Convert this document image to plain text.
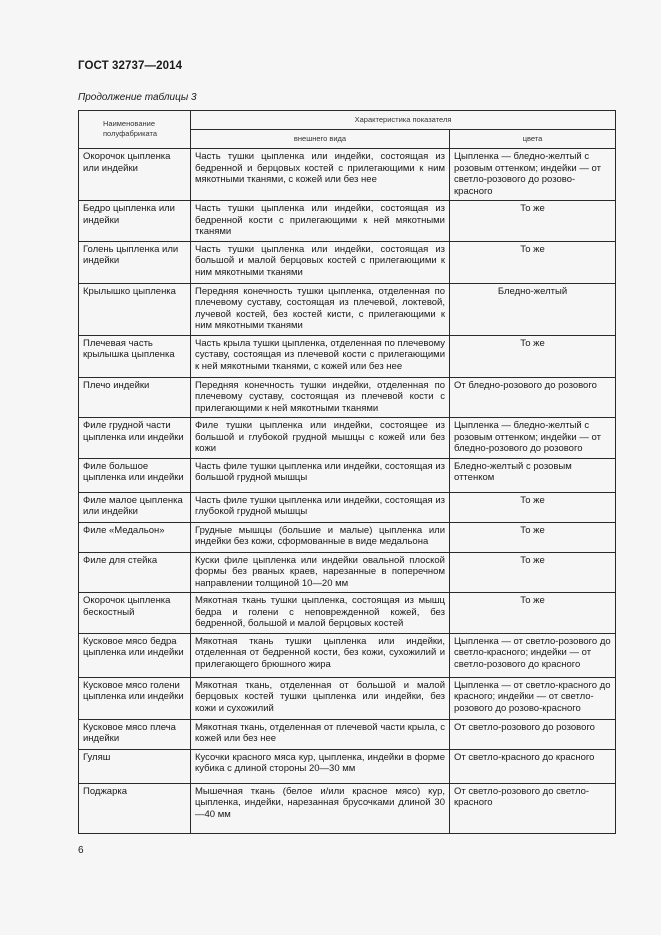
ГОСТ 32737—2014
Продолжение таблицы 3
Наименование полуфабриката	Характеристика показателя	
	внешнего вида	цвета
Окорочок цыпленка или индейки	Часть тушки цыпленка или индейки, состоящая из бедренной и берцовых костей с прилегающими к ним мякотными тканями, с кожей или без нее	Цыпленка — бледно-желтый с розовым оттенком; индейки — от светло-розового до розово-красного
Бедро цыпленка или индейки	Часть тушки цыпленка или индейки, состоящая из бедренной кости с прилегающими к ней мякотными тканями	То же
Голень цыпленка или индейки	Часть тушки цыпленка или индейки, состоящая из большой и малой берцовых костей с прилегающими к ним мякотными тканями	То же
Крылышко цыпленка	Передняя конечность тушки цыпленка, отделенная по плечевому суставу, состоящая из плечевой, локтевой, лучевой костей, без костей кисти, с прилегающими к ним мякотными тканями	Бледно-желтый
Плечевая часть крылышка цыпленка	Часть крыла тушки цыпленка, отделенная по плечевому суставу, состоящая из плечевой кости с прилегающими к ней мякотными тканями, с кожей или без нее	То же
Плечо индейки	Передняя конечность тушки индейки, отделенная по плечевому суставу, состоящая из плечевой кости с прилегающими к ней мякотными тканями	От бледно-розового до розового
Филе грудной части цыпленка или индейки	Филе тушки цыпленка или индейки, состоящее из большой и глубокой грудной мышцы с кожей или без кожи	Цыпленка — бледно-желтый с розовым оттенком; индейки — от бледно-розового до розового
Филе большое цыпленка или индейки	Часть филе тушки цыпленка или индейки, состоящая из большой грудной мышцы	Бледно-желтый с розовым оттенком
Филе малое цыпленка или индейки	Часть филе тушки цыпленка или индейки, состоящая из глубокой грудной мышцы	То же
Филе «Медальон»	Грудные мышцы (большие и малые) цыпленка или индейки без кожи, сформованные в виде медальона	То же
Филе для стейка	Куски филе цыпленка или индейки овальной плоской формы без рваных краев, нарезанные в поперечном направлении толщиной 10—20 мм	То же
Окорочок цыпленка бескостный	Мякотная ткань тушки цыпленка, состоящая из мышц бедра и голени с неповрежденной кожей, без бедренной, большой и малой берцовых костей	То же
Кусковое мясо бедра цыпленка или индейки	Мякотная ткань тушки цыпленка или индейки, отделенная от бедренной кости, без кожи, сухожилий и прилегающего брюшного жира	Цыпленка — от светло-розового до светло-красного; индейки — от светло-розового до красного
Кусковое мясо голени цыпленка или индейки	Мякотная ткань, отделенная от большой и малой берцовых костей тушки цыпленка или индейки, без кожи и сухожилий	Цыпленка — от светло-красного до красного; индейки — от светло-розового до розово-красного
Кусковое мясо плеча индейки	Мякотная ткань, отделенная от плечевой части крыла, с кожей или без нее	От светло-розового до розового
Гуляш	Кусочки красного мяса кур, цыпленка, индейки в форме кубика с длиной стороны 20—30 мм	От светло-красного до красного
Поджарка	Мышечная ткань (белое и/или красное мясо) кур, цыпленка, индейки, нарезанная брусочками длиной 30—40 мм	От светло-розового до светло-красного
6
